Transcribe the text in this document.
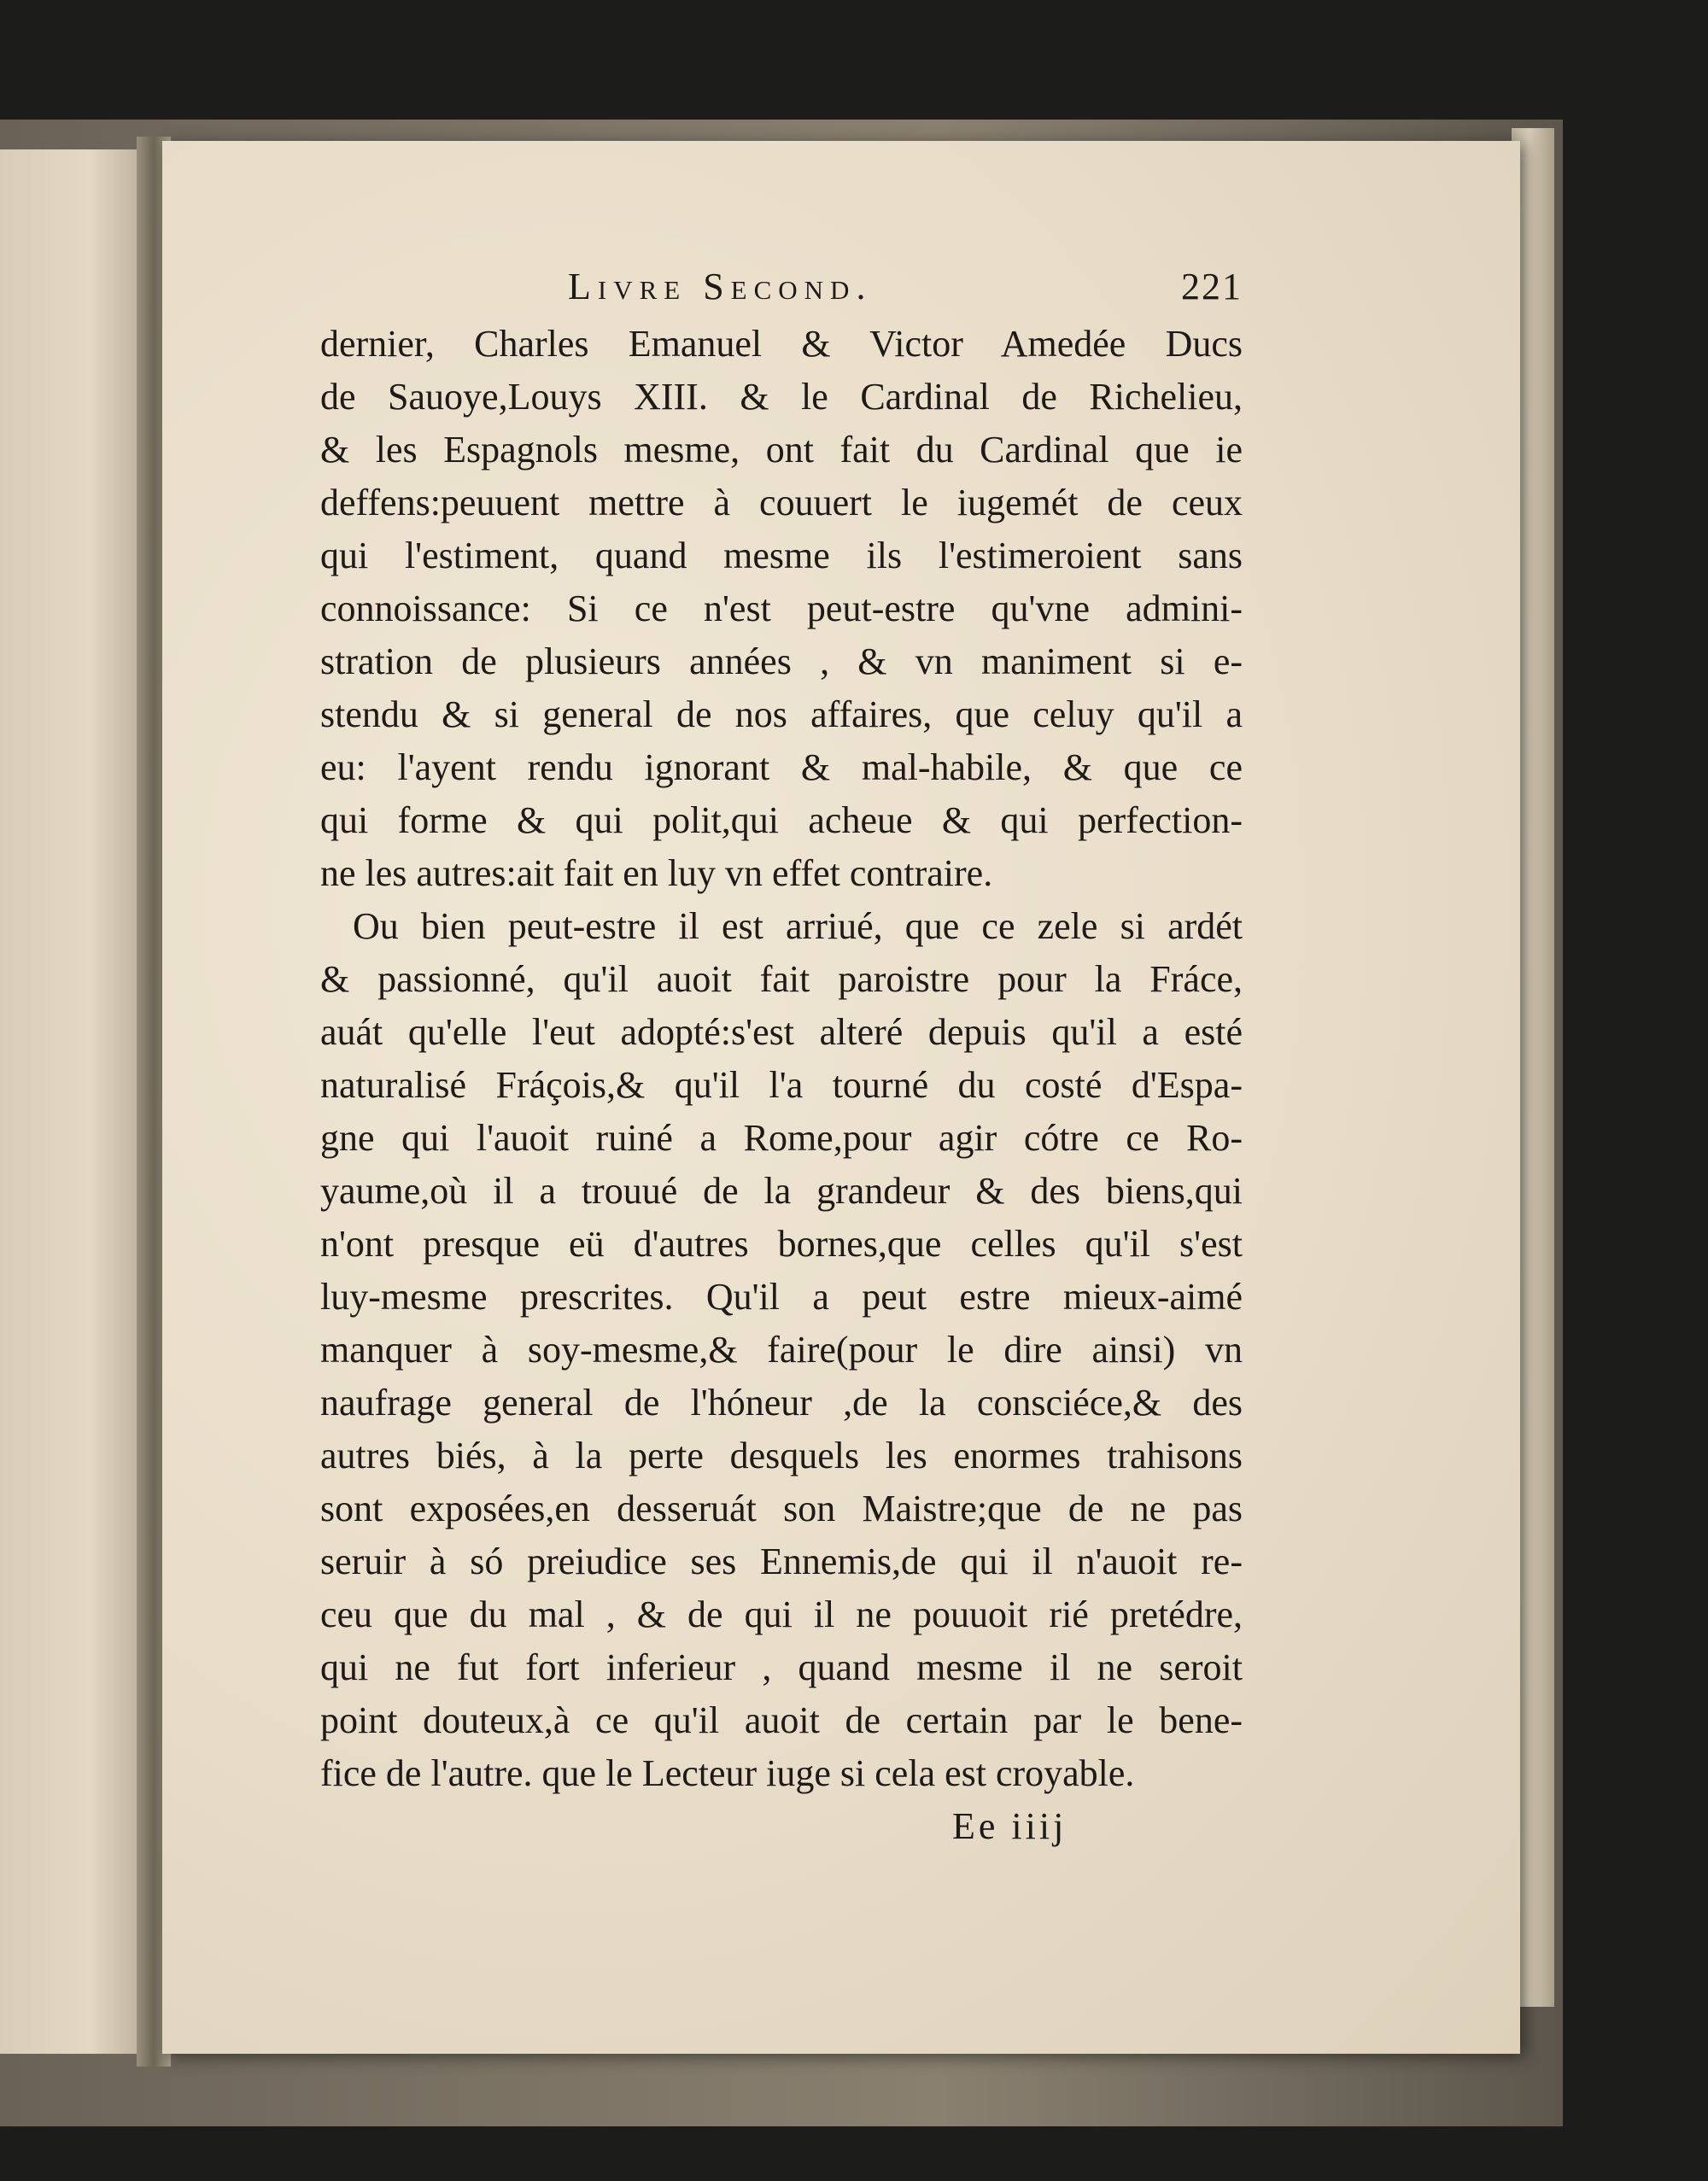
Livre Second.	221
dernier, Charles Emanuel & Victor Amedée Ducs
de Sauoye,Louys XIII. & le Cardinal de Richelieu,
& les Espagnols mesme, ont fait du Cardinal que ie
deffens:peuuent mettre à couuert le iugemét de ceux
qui l'estiment, quand mesme ils l'estimeroient sans
connoissance: Si ce n'est peut-estre qu'vne admini-
stration de plusieurs années , & vn maniment si e-
stendu & si general de nos affaires, que celuy qu'il a
eu: l'ayent rendu ignorant & mal-habile, & que ce
qui forme & qui polit,qui acheue & qui perfection-
ne les autres:ait fait en luy vn effet contraire.
Ou bien peut-estre il est arriué, que ce zele si ardét
& passionné, qu'il auoit fait paroistre pour la Fráce,
auát qu'elle l'eut adopté:s'est alteré depuis qu'il a esté
naturalisé Fráçois,& qu'il l'a tourné du costé d'Espa-
gne qui l'auoit ruiné a Rome,pour agir cótre ce Ro-
yaume,où il a trouué de la grandeur & des biens,qui
n'ont presque eü d'autres bornes,que celles qu'il s'est
luy-mesme prescrites. Qu'il a peut estre mieux-aimé
manquer à soy-mesme,& faire(pour le dire ainsi) vn
naufrage general de l'hóneur ,de la consciéce,& des
autres biés, à la perte desquels les enormes trahisons
sont exposées,en desseruát son Maistre;que de ne pas
seruir à só preiudice ses Ennemis,de qui il n'auoit re-
ceu que du mal , & de qui il ne pouuoit rié pretédre,
qui ne fut fort inferieur , quand mesme il ne seroit
point douteux,à ce qu'il auoit de certain par le bene-
fice de l'autre. que le Lecteur iuge si cela est croyable.
Ee iiij
